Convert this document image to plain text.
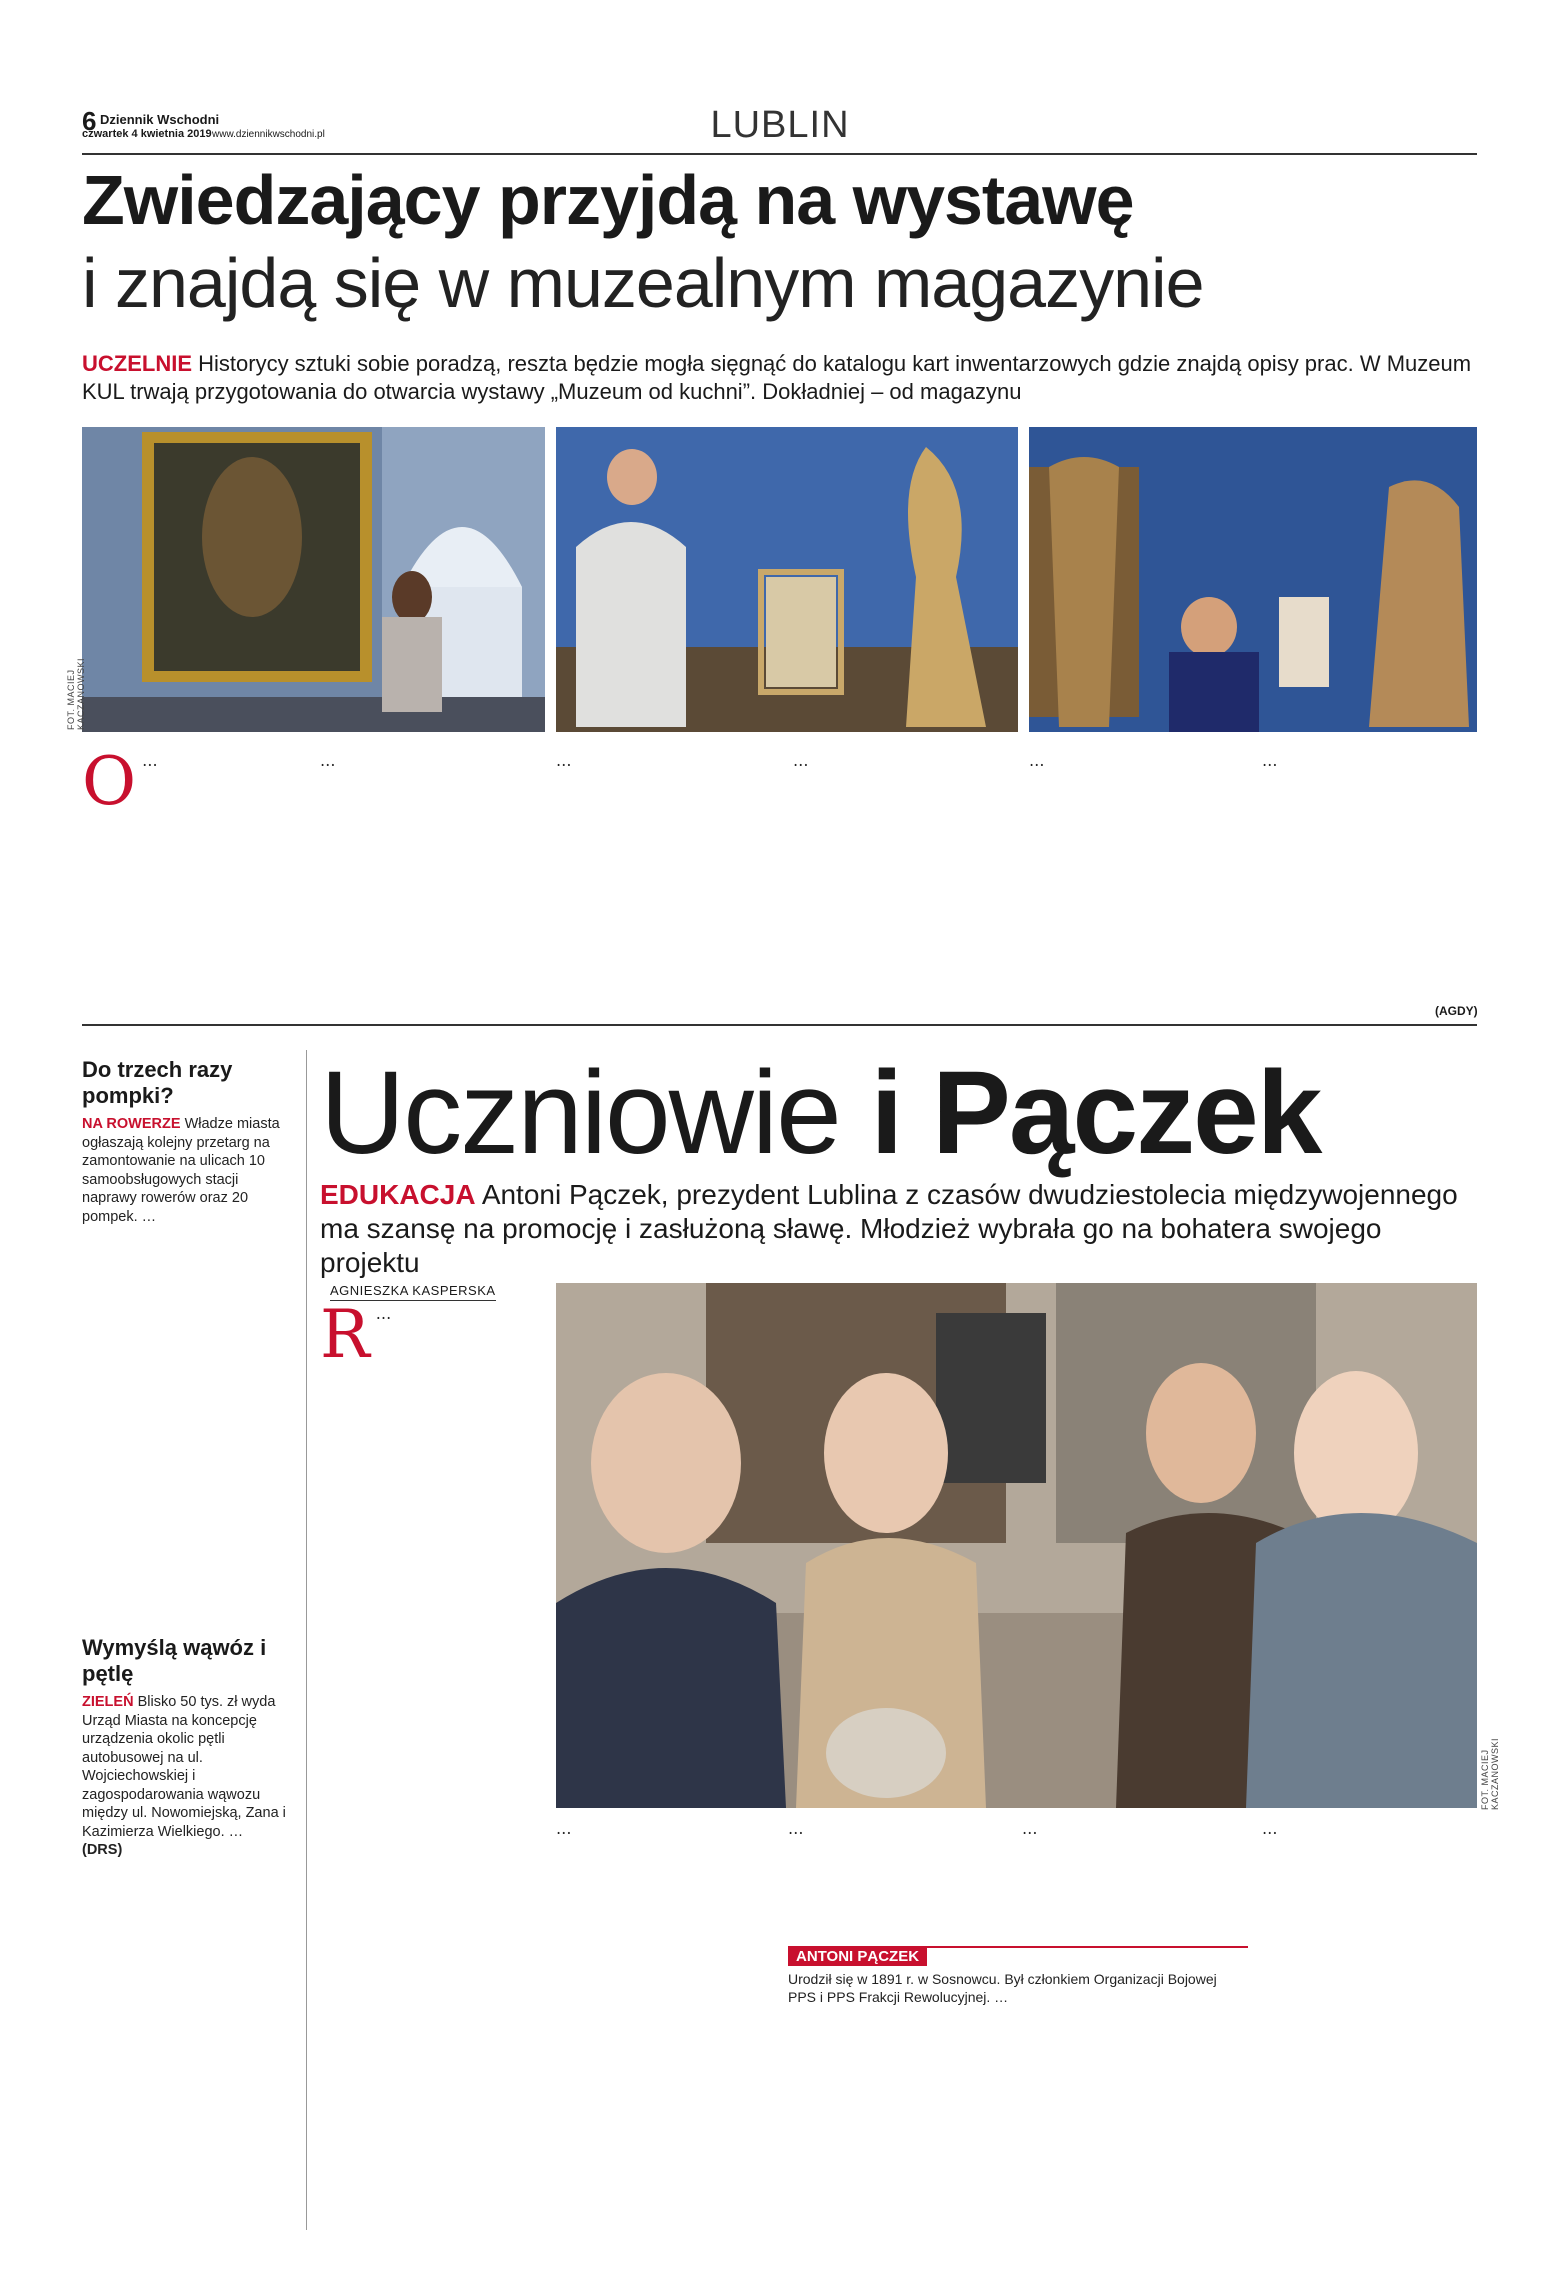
6 Dziennik Wschodni
czwartek 4 kwietnia 2019 www.dziennikwschodni.pl	LUBLIN
Zwiedzający przyjdą na wystawę
i znajdą się w muzealnym magazynie
UCZELNIE Historycy sztuki sobie poradzą, reszta będzie mogła sięgnąć do katalogu kart inwentarzowych gdzie znajdą opisy prac. W Muzeum KUL trwają przygotowania do otwarcia wystawy „Muzeum od kuchni”. Dokładniej – od magazynu
FOT. MACIEJ KACZANOWSKI
O …	…	…	…	…	…
(AGDY)
Do trzech razy pompki?
NA ROWERZE Władze miasta ogłaszają kolejny przetarg na zamontowanie na ulicach 10 samoobsługowych stacji naprawy rowerów oraz 20 pompek. …
Wymyślą wąwóz i pętlę
ZIELEŃ Blisko 50 tys. zł wyda Urząd Miasta na koncepcję urządzenia okolic pętli autobusowej na ul. Wojciechowskiej i zagospodarowania wąwozu między ul. Nowomiejską, Zana i Kazimierza Wielkiego. …
(DRS)
Uczniowie i Pączek
EDUKACJA Antoni Pączek, prezydent Lublina z czasów dwudziestolecia międzywojennego ma szansę na promocję i zasłużoną sławę. Młodzież wybrała go na bohatera swojego projektu
AGNIESZKA KASPERSKA
R …
FOT. MACIEJ KACZANOWSKI
…	…	…	…
ANTONI PĄCZEK
Urodził się w 1891 r. w Sosnowcu. Był członkiem Organizacji Bojowej PPS i PPS Frakcji Rewolucyjnej. …
